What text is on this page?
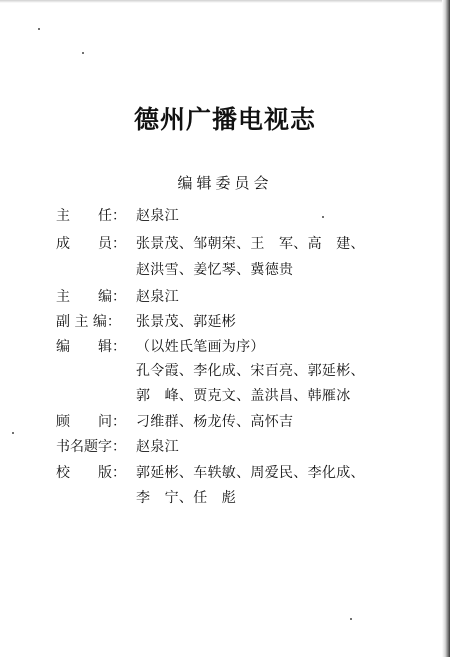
德州广播电视志
编辑委员会
主　　任： 赵泉江
成　　员： 张景茂、邹朝荣、王　军、高　建、
赵洪雪、姜忆琴、冀德贵
主　　编： 赵泉江
副 主 编：	张景茂、郭延彬
编　　辑： （以姓氏笔画为序）
孔令霞、李化成、宋百亮、郭延彬、
郭　峰、贾克文、盖洪昌、韩雁冰
顾　　问： 刁维群、杨龙传、高怀吉
书名题字： 赵泉江
校　　版： 郭延彬、车轶敏、周爱民、李化成、
李　宁、任　彪
